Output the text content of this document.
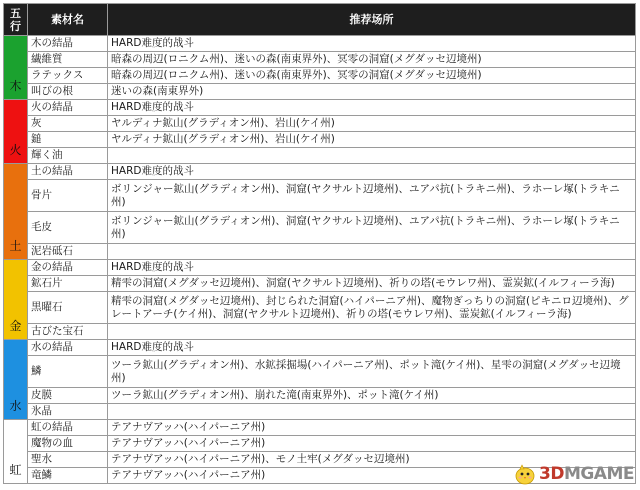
五
行	素材名	推荐场所
木	木の結晶	HARD难度的战斗
	繊維質	暗森の周辺(ロニクム州)、迷いの森(南東界外)、冥零の洞窟(メグダッセ辺境州)
	ラテックス	暗森の周辺(ロニクム州)、迷いの森(南東界外)、冥零の洞窟(メグダッセ辺境州)
	叫びの根	迷いの森(南東界外)
火	火の結晶	HARD难度的战斗
	灰	ヤルディナ鉱山(グラディオン州)、岩山(ケイ州)
	鎚	ヤルディナ鉱山(グラディオン州)、岩山(ケイ州)
	輝く油	
土	土の結晶	HARD难度的战斗
	骨片	ボリンジャー鉱山(グラディオン州)、洞窟(ヤクサルト辺境州)、ユアパ抗(トラキニ州)、ラホーレ塚(トラキニ州)
	毛皮	ボリンジャー鉱山(グラディオン州)、洞窟(ヤクサルト辺境州)、ユアパ抗(トラキニ州)、ラホーレ塚(トラキニ州)
	泥岩砥石	
金	金の結晶	HARD难度的战斗
	鉱石片	精雫の洞窟(メグダッセ辺境州)、洞窟(ヤクサルト辺境州)、祈りの塔(モウレワ州)、霊炭鉱(イルフィーラ海)
	黒曜石	精雫の洞窟(メグダッセ辺境州)、封じられた洞窟(ハイパーニア州)、魔物ぎっちりの洞窟(ピキニロ辺境州)、グレートアーチ(ケイ州)、洞窟(ヤクサルト辺境州)、祈りの塔(モウレワ州)、霊炭鉱(イルフィーラ海)
	古びた宝石	
水	水の結晶	HARD难度的战斗
	鱗	ツーラ鉱山(グラディオン州)、水鉱採掘場(ハイパーニア州)、ポット滝(ケイ州)、星雫の洞窟(メグダッセ辺境州)
	皮膜	ツーラ鉱山(グラディオン州)、崩れた滝(南東界外)、ポット滝(ケイ州)
	氷晶	
虹	虹の結晶	テアナヴアッハ(ハイパーニア州)
	魔物の血	テアナヴアッハ(ハイパーニア州)
	聖水	テアナヴアッハ(ハイパーニア州)、モノ土牢(メグダッセ辺境州)
	竜鱗	テアナヴアッハ(ハイパーニア州)	3DMGAME
